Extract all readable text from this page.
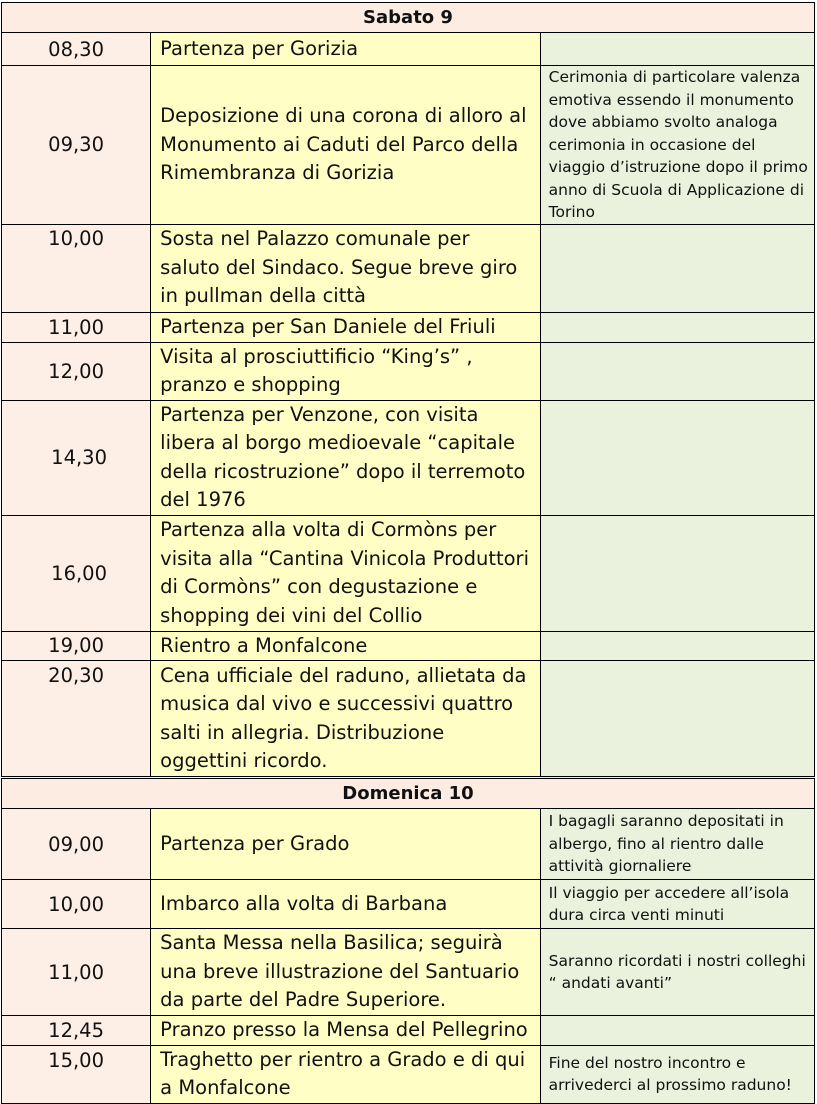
Sabato 9		
08,30	Partenza per Gorizia	
09,30	Deposizione di una corona di alloro al Monumento ai Caduti del Parco della Rimembranza di Gorizia	Cerimonia di particolare valenza emotiva essendo il monumento dove abbiamo svolto analoga cerimonia in occasione del viaggio d’istruzione dopo il primo anno di Scuola di Applicazione di Torino
10,00	Sosta nel Palazzo comunale per saluto del Sindaco. Segue breve giro in pullman della città	
11,00	Partenza per San Daniele del Friuli	
12,00	Visita al prosciuttificio “King’s” , pranzo e shopping	
14,30	Partenza per Venzone, con visita libera al borgo medioevale “capitale della ricostruzione” dopo il terremoto del 1976	
16,00	Partenza alla volta di Cormòns per visita alla “Cantina Vinicola Produttori di Cormòns” con degustazione e shopping dei vini del Collio	
19,00	Rientro a Monfalcone	
20,30	Cena ufficiale del raduno, allietata da musica dal vivo e successivi quattro salti in allegria. Distribuzione oggettini ricordo.	
Domenica 10		
09,00	Partenza per Grado	I bagagli saranno depositati in albergo, fino al rientro dalle attività giornaliere
10,00	Imbarco alla volta di Barbana	Il viaggio per accedere all’isola dura circa venti minuti
11,00	Santa Messa nella Basilica; seguirà una breve illustrazione del Santuario da parte del Padre Superiore.	Saranno ricordati i nostri colleghi “ andati avanti”
12,45	Pranzo presso la Mensa del Pellegrino	
15,00	Traghetto per rientro a Grado e di qui a Monfalcone	Fine del nostro incontro e arrivederci al prossimo raduno!
